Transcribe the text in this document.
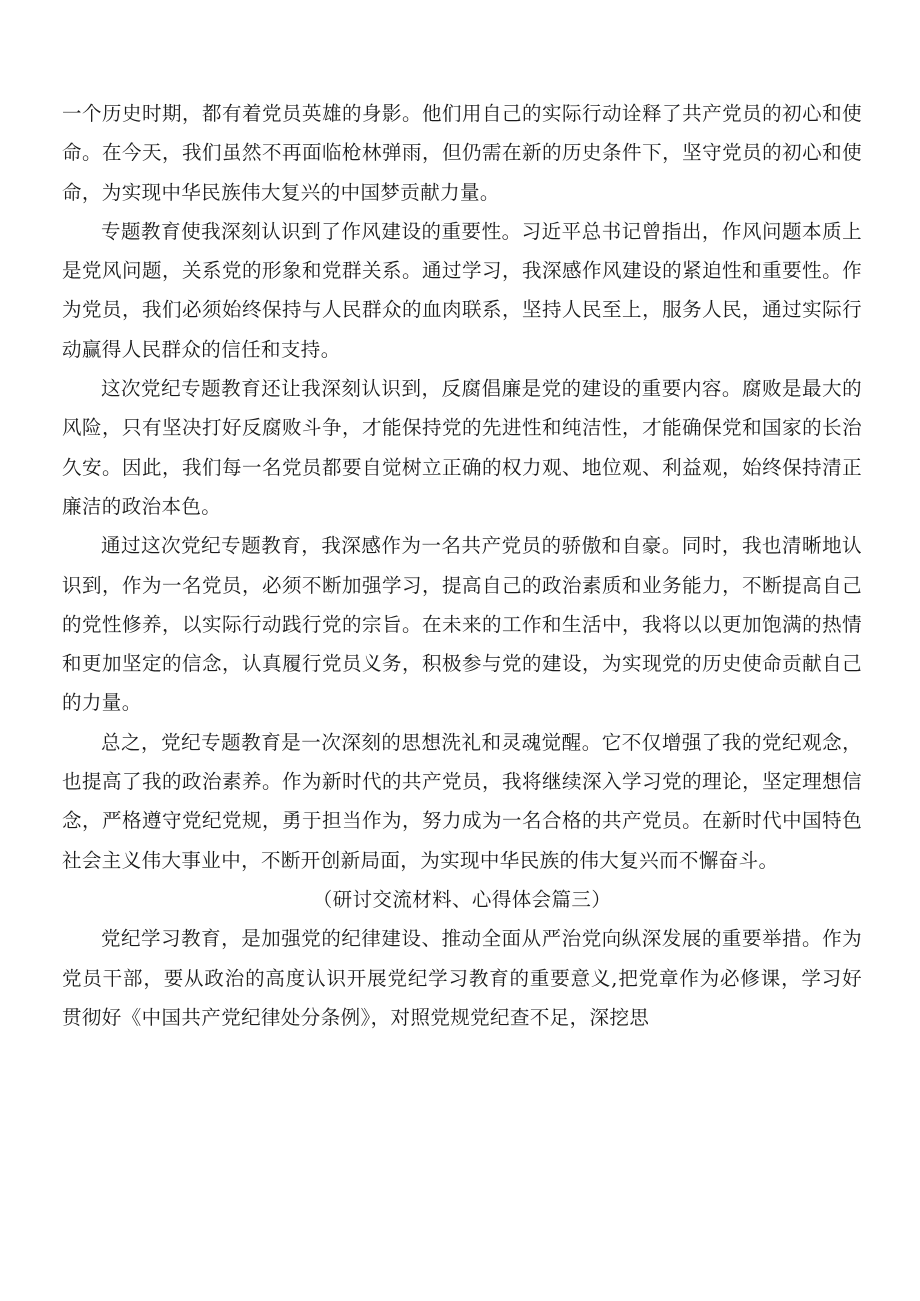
一个历史时期，都有着党员英雄的身影。他们用自己的实际行动诠释了共产党员的初心和使命。在今天，我们虽然不再面临枪林弹雨，但仍需在新的历史条件下，坚守党员的初心和使命，为实现中华民族伟大复兴的中国梦贡献力量。

专题教育使我深刻认识到了作风建设的重要性。习近平总书记曾指出，作风问题本质上是党风问题，关系党的形象和党群关系。通过学习，我深感作风建设的紧迫性和重要性。作为党员，我们必须始终保持与人民群众的血肉联系，坚持人民至上，服务人民，通过实际行动赢得人民群众的信任和支持。

这次党纪专题教育还让我深刻认识到，反腐倡廉是党的建设的重要内容。腐败是最大的风险，只有坚决打好反腐败斗争，才能保持党的先进性和纯洁性，才能确保党和国家的长治久安。因此，我们每一名党员都要自觉树立正确的权力观、地位观、利益观，始终保持清正廉洁的政治本色。

通过这次党纪专题教育，我深感作为一名共产党员的骄傲和自豪。同时，我也清晰地认识到，作为一名党员，必须不断加强学习，提高自己的政治素质和业务能力，不断提高自己的党性修养，以实际行动践行党的宗旨。在未来的工作和生活中，我将以以更加饱满的热情和更加坚定的信念，认真履行党员义务，积极参与党的建设，为实现党的历史使命贡献自己的力量。

总之，党纪专题教育是一次深刻的思想洗礼和灵魂觉醒。它不仅增强了我的党纪观念，也提高了我的政治素养。作为新时代的共产党员，我将继续深入学习党的理论，坚定理想信念，严格遵守党纪党规，勇于担当作为，努力成为一名合格的共产党员。在新时代中国特色社会主义伟大事业中，不断开创新局面，为实现中华民族的伟大复兴而不懈奋斗。

（研讨交流材料、心得体会篇三）

党纪学习教育，是加强党的纪律建设、推动全面从严治党向纵深发展的重要举措。作为党员干部，要从政治的高度认识开展党纪学习教育的重要意义,把党章作为必修课，学习好贯彻好《中国共产党纪律处分条例》，对照党规党纪查不足，深挖思
